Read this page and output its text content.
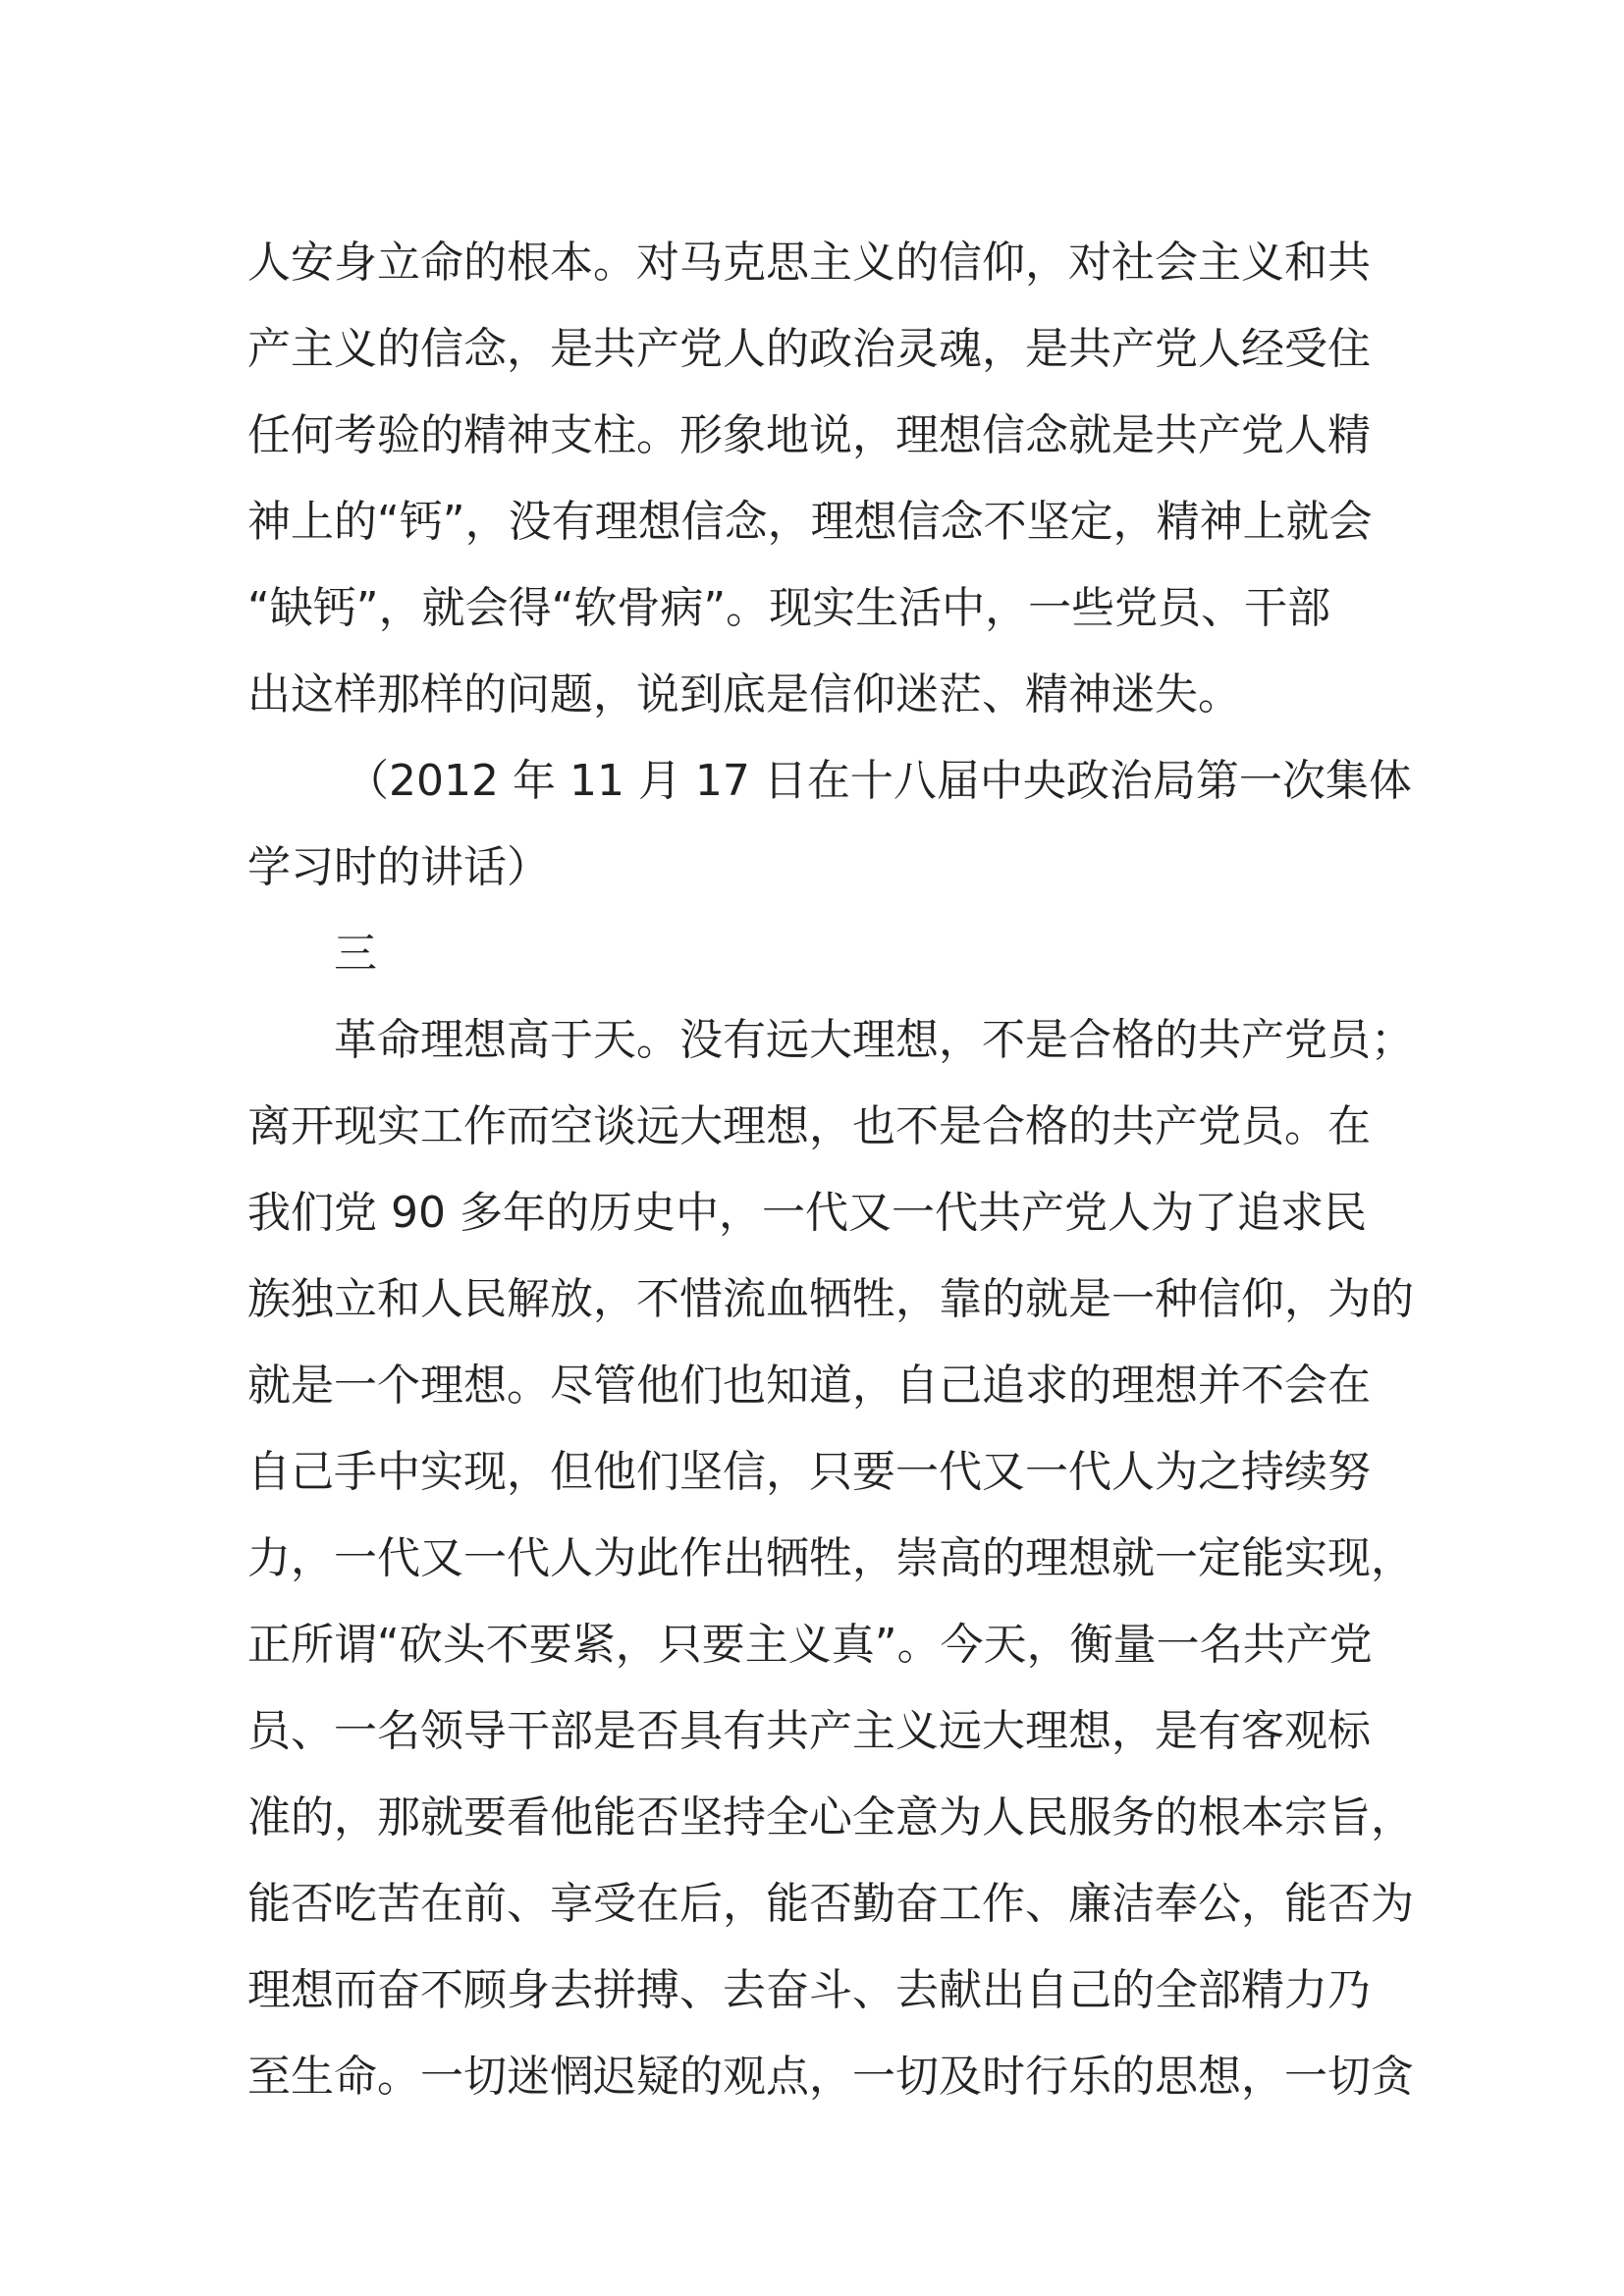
人安身立命的根本。对马克思主义的信仰，对社会主义和共
产主义的信念，是共产党人的政治灵魂，是共产党人经受住
任何考验的精神支柱。形象地说，理想信念就是共产党人精
神上的“钙”，没有理想信念，理想信念不坚定，精神上就会
“缺钙”，就会得“软骨病”。现实生活中，一些党员、干部
出这样那样的问题，说到底是信仰迷茫、精神迷失。
（2012 年 11 月 17 日在十八届中央政治局第一次集体
学习时的讲话）
三
革命理想高于天。没有远大理想，不是合格的共产党员；
离开现实工作而空谈远大理想，也不是合格的共产党员。在
我们党 90 多年的历史中，一代又一代共产党人为了追求民
族独立和人民解放，不惜流血牺牲，靠的就是一种信仰，为的
就是一个理想。尽管他们也知道，自己追求的理想并不会在
自己手中实现，但他们坚信，只要一代又一代人为之持续努
力，一代又一代人为此作出牺牲，崇高的理想就一定能实现，
正所谓“砍头不要紧，只要主义真”。今天，衡量一名共产党
员、一名领导干部是否具有共产主义远大理想，是有客观标
准的，那就要看他能否坚持全心全意为人民服务的根本宗旨，
能否吃苦在前、享受在后，能否勤奋工作、廉洁奉公，能否为
理想而奋不顾身去拼搏、去奋斗、去献出自己的全部精力乃
至生命。一切迷惘迟疑的观点，一切及时行乐的思想，一切贪
